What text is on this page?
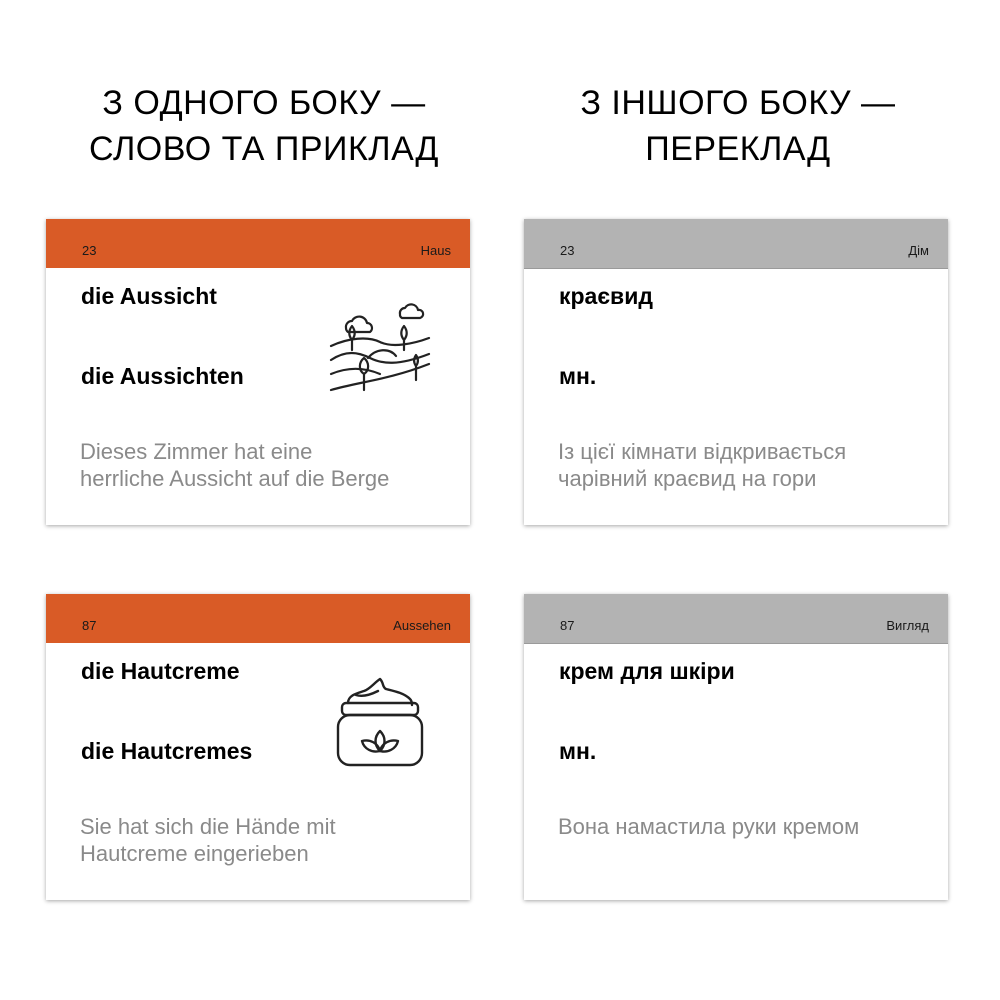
З ОДНОГО БОКУ —
СЛОВО ТА ПРИКЛАД
З ІНШОГО БОКУ —
ПЕРЕКЛАД
23	Haus
die Aussicht
die Aussichten
Dieses Zimmer hat eine
herrliche Aussicht auf die Berge
23	Дім
краєвид
мн.
Із цієї кімнати відкривається
чарівний краєвид на гори
87	Aussehen
die Hautcreme
die Hautcremes
Sie hat sich die Hände mit
Hautcreme eingerieben
87	Вигляд
крем для шкіри
мн.
Вона намастила руки кремом
